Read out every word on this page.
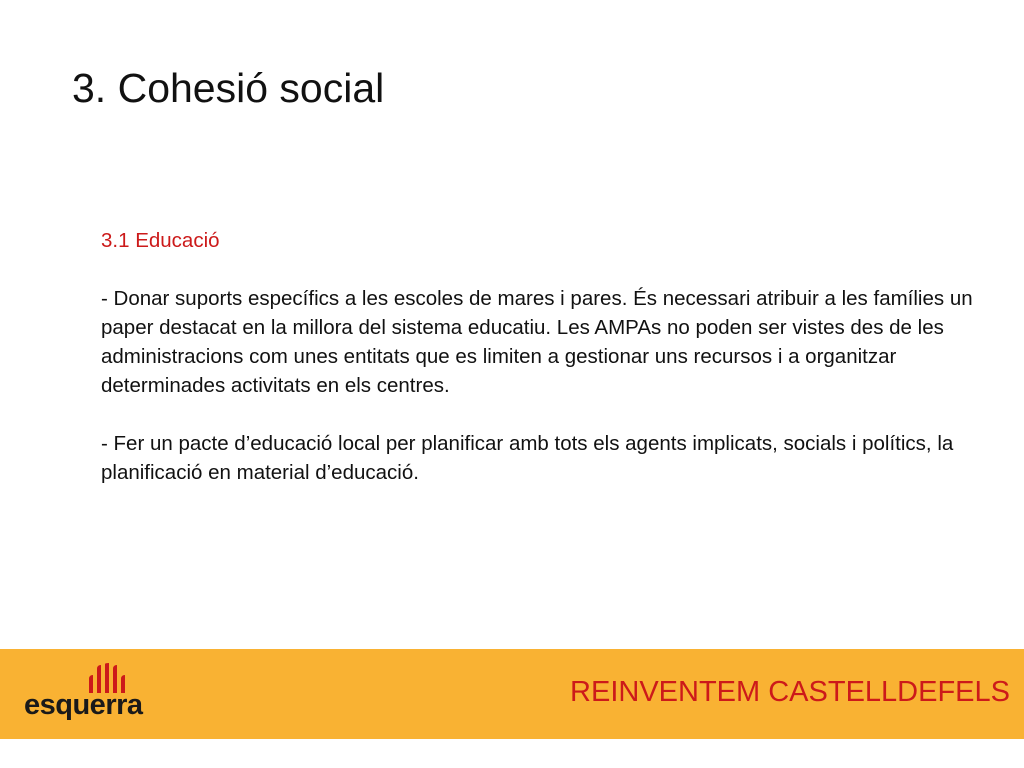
3. Cohesió social

3.1 Educació

- Donar suports específics a les escoles de mares i pares. És necessari atribuir a les famílies un paper destacat en la millora del sistema educatiu. Les AMPAs no poden ser vistes des de les administracions com unes entitats que es limiten a gestionar uns recursos i a organitzar determinades activitats en els centres.

- Fer un pacte d’educació local per planificar amb tots els agents implicats, socials i polítics, la planificació en material d’educació.

esquerra	REINVENTEM CASTELLDEFELS
